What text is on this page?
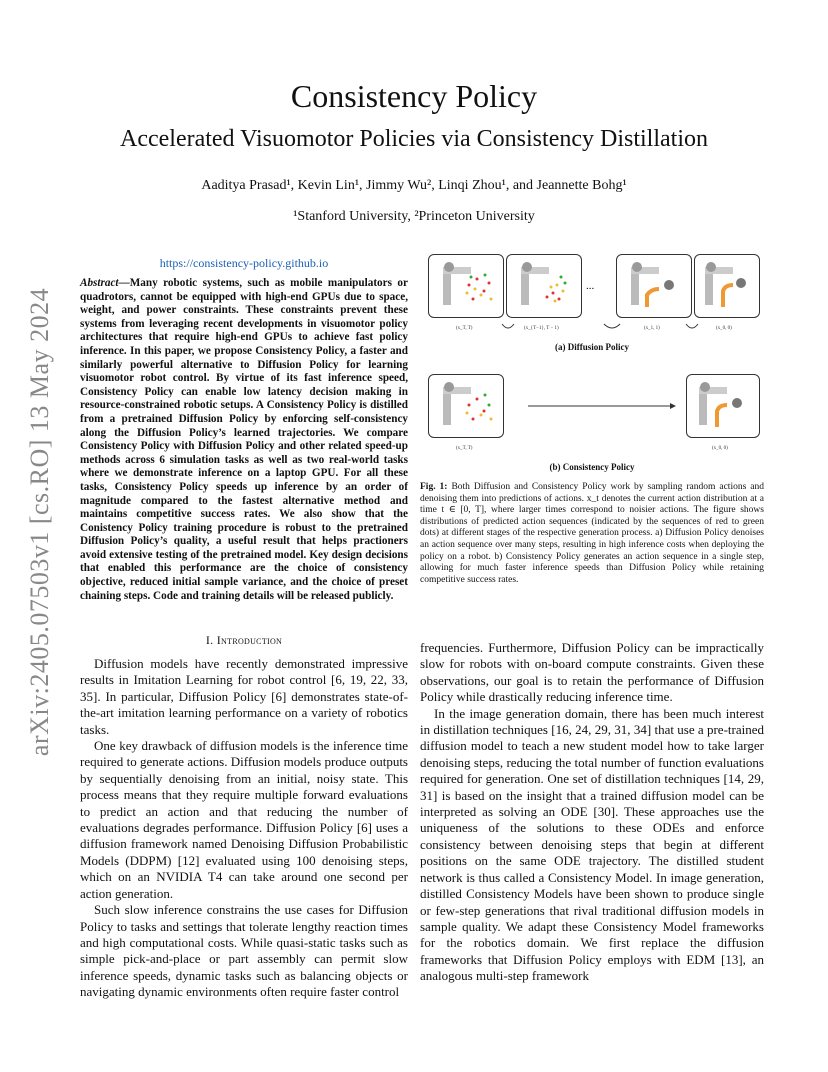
arXiv:2405.07503v1 [cs.RO] 13 May 2024
Consistency Policy
Accelerated Visuomotor Policies via Consistency Distillation
Aaditya Prasad¹, Kevin Lin¹, Jimmy Wu², Linqi Zhou¹, and Jeannette Bohg¹
¹Stanford University, ²Princeton University
https://consistency-policy.github.io
Abstract—Many robotic systems, such as mobile manipulators or quadrotors, cannot be equipped with high-end GPUs due to space, weight, and power constraints. These constraints prevent these systems from leveraging recent developments in visuomotor policy architectures that require high-end GPUs to achieve fast policy inference. In this paper, we propose Consistency Policy, a faster and similarly powerful alternative to Diffusion Policy for learning visuomotor robot control. By virtue of its fast inference speed, Consistency Policy can enable low latency decision making in resource-constrained robotic setups. A Consistency Policy is distilled from a pretrained Diffusion Policy by enforcing self-consistency along the Diffusion Policy’s learned trajectories. We compare Consistency Policy with Diffusion Policy and other related speed-up methods across 6 simulation tasks as well as two real-world tasks where we demonstrate inference on a laptop GPU. For all these tasks, Consistency Policy speeds up inference by an order of magnitude compared to the fastest alternative method and maintains competitive success rates. We also show that the Conistency Policy training procedure is robust to the pretrained Diffusion Policy’s quality, a useful result that helps practioners avoid extensive testing of the pretrained model. Key design decisions that enabled this performance are the choice of consistency objective, reduced initial sample variance, and the choice of preset chaining steps. Code and training details will be released publicly.
I. Introduction

Diffusion models have recently demonstrated impressive results in Imitation Learning for robot control [6, 19, 22, 33, 35]. In particular, Diffusion Policy [6] demonstrates state-of-the-art imitation learning performance on a variety of robotics tasks.

One key drawback of diffusion models is the inference time required to generate actions. Diffusion models produce outputs by sequentially denoising from an initial, noisy state. This process means that they require multiple forward evaluations to predict an action and that reducing the number of evaluations degrades performance. Diffusion Policy [6] uses a diffusion framework named Denoising Diffusion Probabilistic Models (DDPM) [12] evaluated using 100 denoising steps, which on an NVIDIA T4 can take around one second per action generation.

Such slow inference constrains the use cases for Diffusion Policy to tasks and settings that tolerate lengthy reaction times and high computational costs. While quasi-static tasks such as simple pick-and-place or part assembly can permit slow inference speeds, dynamic tasks such as balancing objects or navigating dynamic environments often require faster control

frequencies. Furthermore, Diffusion Policy can be impractically slow for robots with on-board compute constraints. Given these observations, our goal is to retain the performance of Diffusion Policy while drastically reducing inference time.

In the image generation domain, there has been much interest in distillation techniques [16, 24, 29, 31, 34] that use a pre-trained diffusion model to teach a new student model how to take larger denoising steps, reducing the total number of function evaluations required for generation. One set of distillation techniques [14, 29, 31] is based on the insight that a trained diffusion model can be interpreted as solving an ODE [30]. These approaches use the uniqueness of the solutions to these ODEs and enforce consistency between denoising steps that begin at different positions on the same ODE trajectory. The distilled student network is thus called a Consistency Model. In image generation, distilled Consistency Models have been shown to produce single or few-step generations that rival traditional diffusion models in sample quality. We adapt these Consistency Model frameworks for the robotics domain. We first replace the diffusion frameworks that Diffusion Policy employs with EDM [13], an analogous multi-step framework

...
(x_T, T)	(x_{T−1}, T − 1)	(x_1, 1)	(x_0, 0)
(a) Diffusion Policy
(x_T, T)	(x_0, 0)
(b) Consistency Policy
Fig. 1: Both Diffusion and Consistency Policy work by sampling random actions and denoising them into predictions of actions. x_t denotes the current action distribution at a time t ∈ [0, T], where larger times correspond to noisier actions. The figure shows distributions of predicted action sequences (indicated by the sequences of red to green dots) at different stages of the respective generation process. a) Diffusion Policy denoises an action sequence over many steps, resulting in high inference costs when deploying the policy on a robot. b) Consistency Policy generates an action sequence in a single step, allowing for much faster inference speeds than Diffusion Policy while retaining competitive success rates.
